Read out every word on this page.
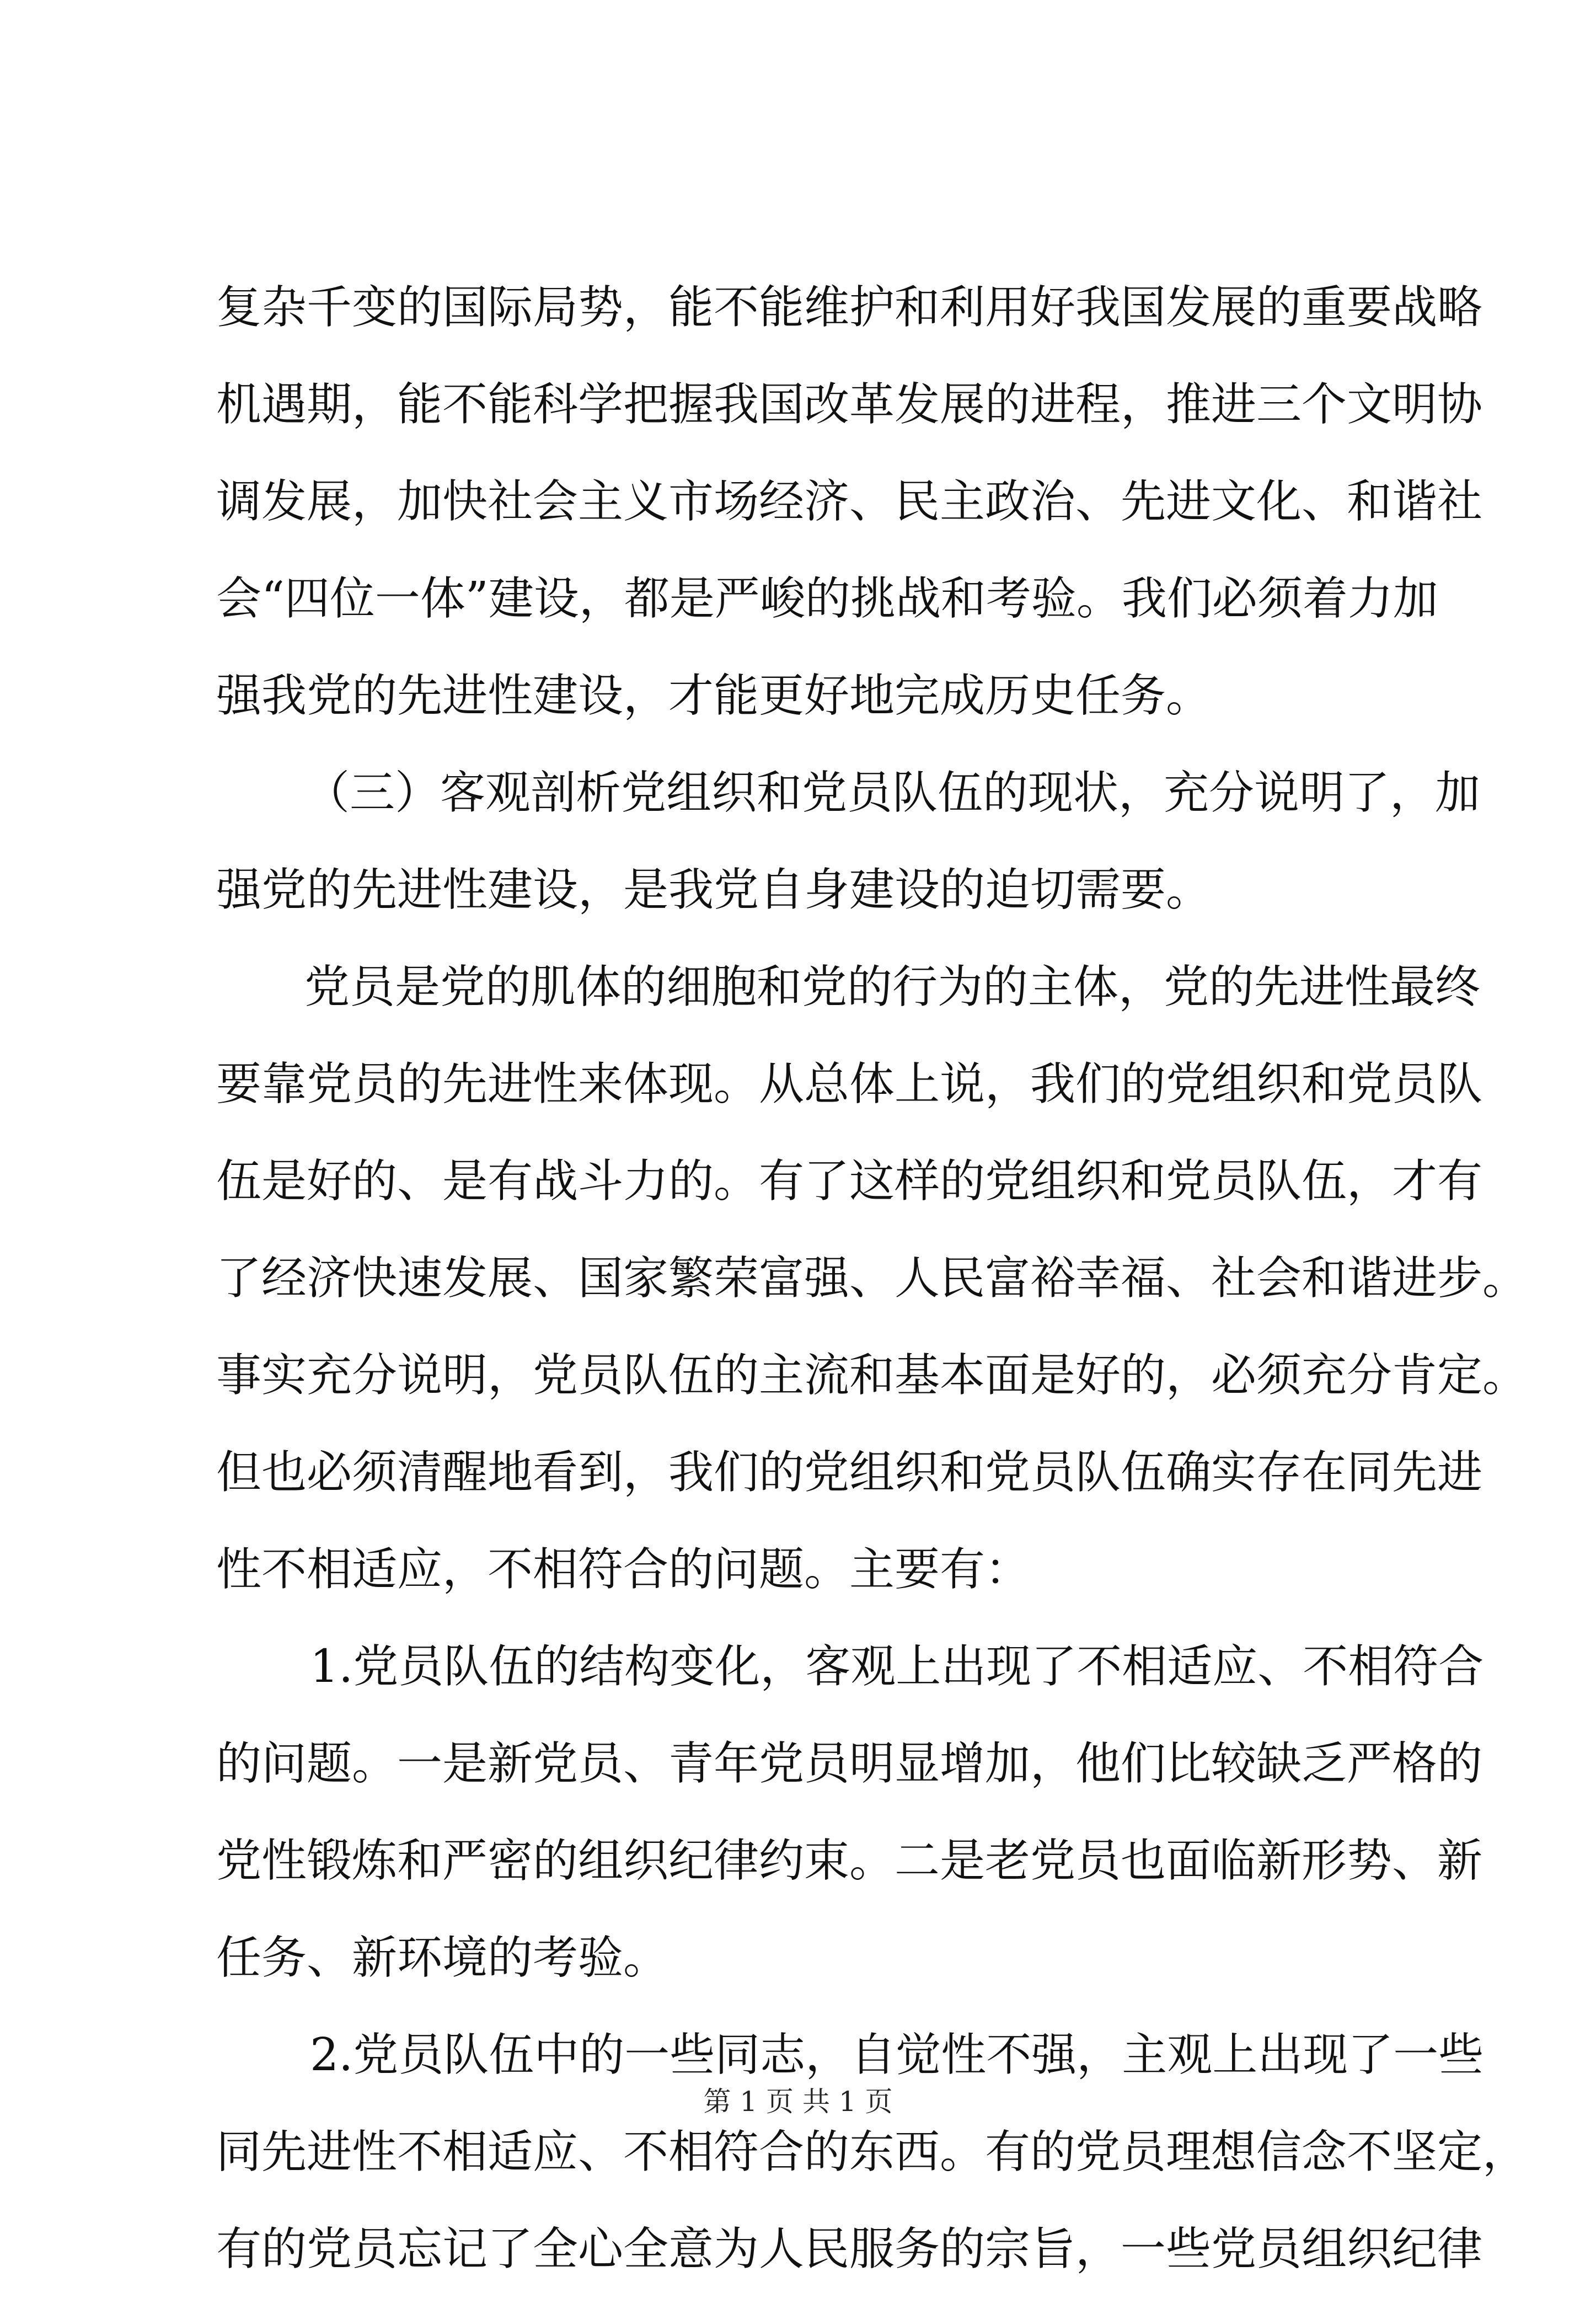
复杂千变的国际局势，能不能维护和利用好我国发展的重要战略
机遇期，能不能科学把握我国改革发展的进程，推进三个文明协
调发展，加快社会主义市场经济、民主政治、先进文化、和谐社
会“四位一体”建设，都是严峻的挑战和考验。我们必须着力加
强我党的先进性建设，才能更好地完成历史任务。
（三）客观剖析党组织和党员队伍的现状，充分说明了，加
强党的先进性建设，是我党自身建设的迫切需要。
党员是党的肌体的细胞和党的行为的主体，党的先进性最终
要靠党员的先进性来体现。从总体上说，我们的党组织和党员队
伍是好的、是有战斗力的。有了这样的党组织和党员队伍，才有
了经济快速发展、国家繁荣富强、人民富裕幸福、社会和谐进步。
事实充分说明，党员队伍的主流和基本面是好的，必须充分肯定。
但也必须清醒地看到，我们的党组织和党员队伍确实存在同先进
性不相适应，不相符合的问题。主要有：
1.党员队伍的结构变化，客观上出现了不相适应、不相符合
的问题。一是新党员、青年党员明显增加，他们比较缺乏严格的
党性锻炼和严密的组织纪律约束。二是老党员也面临新形势、新
任务、新环境的考验。
2.党员队伍中的一些同志，自觉性不强，主观上出现了一些
同先进性不相适应、不相符合的东西。有的党员理想信念不坚定，
有的党员忘记了全心全意为人民服务的宗旨，一些党员组织纪律
第 1 页 共 1 页
